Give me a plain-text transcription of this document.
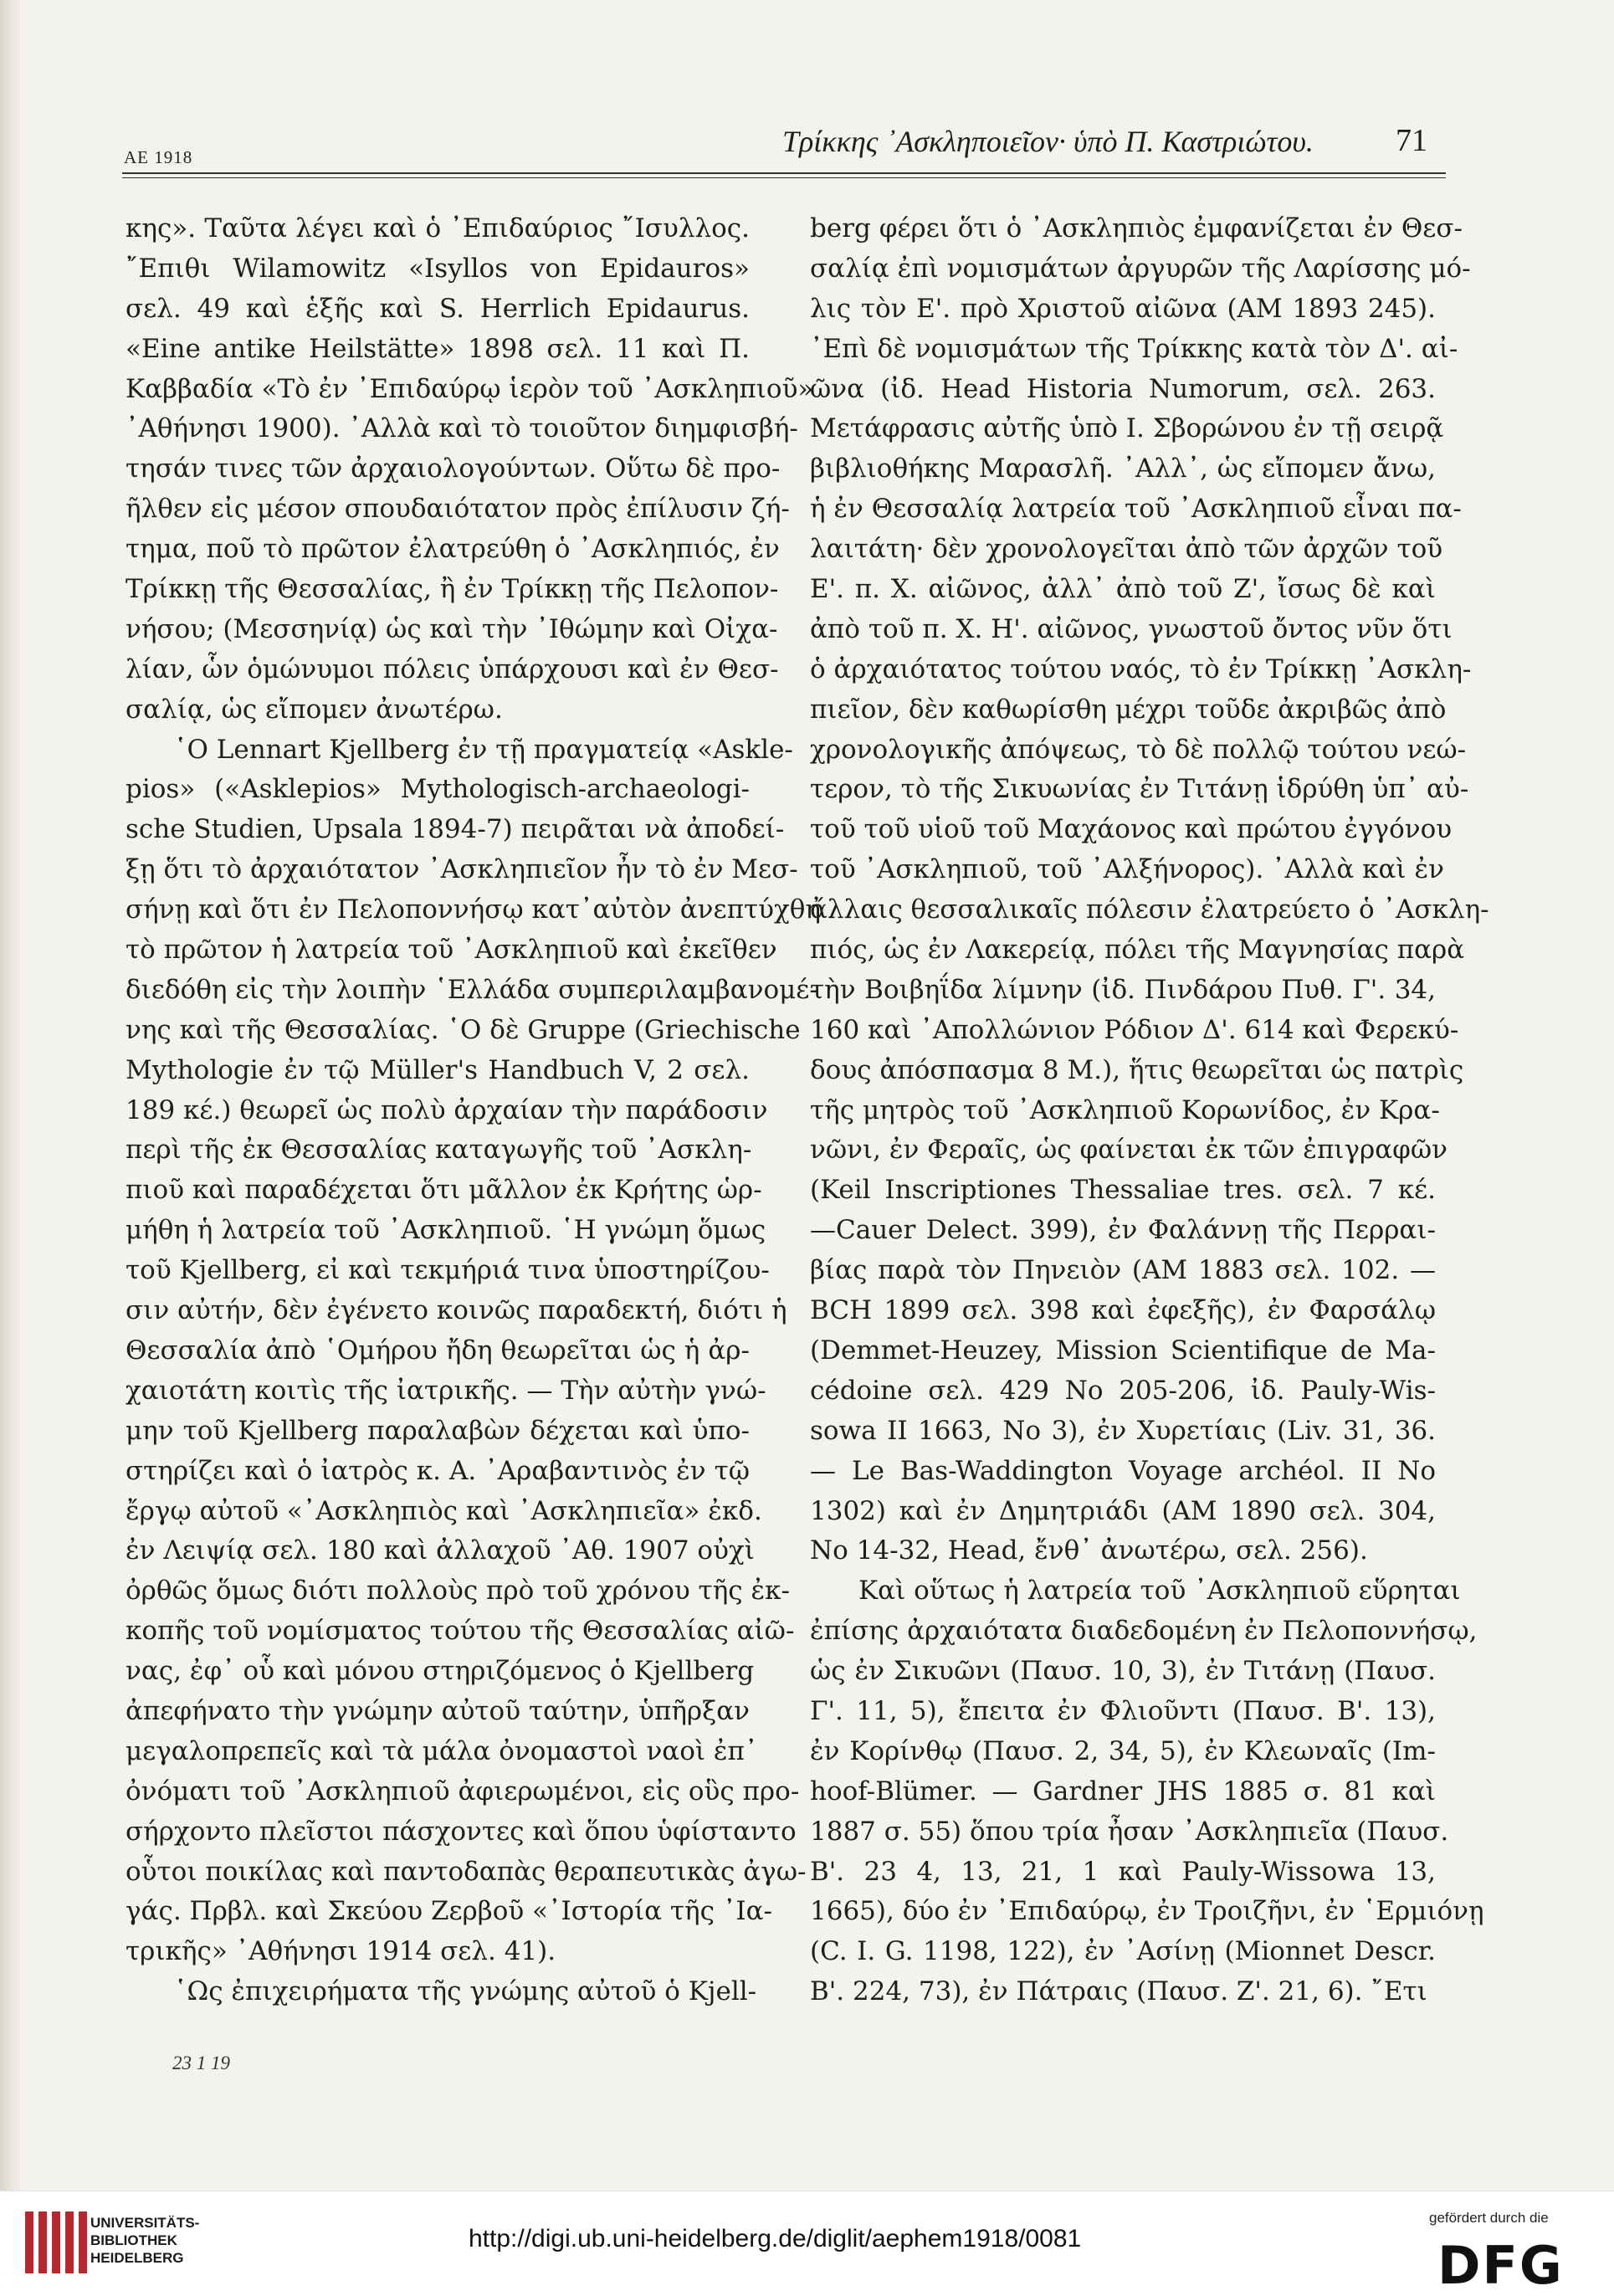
ΑΕ 1918	Τρίκκης ᾽Ασκληποιεῖον· ὑπὸ Π. Καστριώτου.	71
κης». Ταῦτα λέγει καὶ ὁ ᾿Επιδαύριος ῎Ισυλλος.
῎Επιθι Wilamowitz «Isyllos von Epidauros»
σελ. 49 καὶ ἑξῆς καὶ S. Herrlich Epidaurus.
«Eine antike Heilstätte» 1898 σελ. 11 καὶ Π.
Καββαδία «Τὸ ἐν ᾿Επιδαύρῳ ἱερὸν τοῦ ᾿Ασκληπιοῦ»
᾿Αθήνησι 1900). ᾿Αλλὰ καὶ τὸ τοιοῦτον διημφισβή-
τησάν τινες τῶν ἀρχαιολογούντων. Οὕτω δὲ προ-
ῆλθεν εἰς μέσον σπουδαιότατον πρὸς ἐπίλυσιν ζή-
τημα, ποῦ τὸ πρῶτον ἐλατρεύθη ὁ ᾿Ασκληπιός, ἐν
Τρίκκῃ τῆς Θεσσαλίας, ἢ ἐν Τρίκκῃ τῆς Πελοπον-
νήσου; (Μεσσηνίᾳ) ὡς καὶ τὴν ᾿Ιθώμην καὶ Οἰχα-
λίαν, ὧν ὁμώνυμοι πόλεις ὑπάρχουσι καὶ ἐν Θεσ-
σαλίᾳ, ὡς εἴπομεν ἀνωτέρω.
῾Ο Lennart Kjellberg ἐν τῇ πραγματείᾳ «Askle-
pios» («Asklepios» Mythologisch-archaeologi-
sche Studien, Upsala 1894-7) πειρᾶται νὰ ἀποδεί-
ξῃ ὅτι τὸ ἀρχαιότατον ᾿Ασκληπιεῖον ἦν τὸ ἐν Μεσ-
σήνῃ καὶ ὅτι ἐν Πελοποννήσῳ κατ᾽αὐτὸν ἀνεπτύχθη
τὸ πρῶτον ἡ λατρεία τοῦ ᾿Ασκληπιοῦ καὶ ἐκεῖθεν
διεδόθη εἰς τὴν λοιπὴν ῾Ελλάδα συμπεριλαμβανομέ-
νης καὶ τῆς Θεσσαλίας. ῾Ο δὲ Gruppe (Griechische
Mythologie ἐν τῷ Müller's Handbuch V, 2 σελ.
189 κέ.) θεωρεῖ ὡς πολὺ ἀρχαίαν τὴν παράδοσιν
περὶ τῆς ἐκ Θεσσαλίας καταγωγῆς τοῦ ᾿Ασκλη-
πιοῦ καὶ παραδέχεται ὅτι μᾶλλον ἐκ Κρήτης ὡρ-
μήθη ἡ λατρεία τοῦ ᾿Ασκληπιοῦ. ῾Η γνώμη ὅμως
τοῦ Kjellberg, εἰ καὶ τεκμήριά τινα ὑποστηρίζου-
σιν αὐτήν, δὲν ἐγένετο κοινῶς παραδεκτή, διότι ἡ
Θεσσαλία ἀπὸ ῾Ομήρου ἤδη θεωρεῖται ὡς ἡ ἀρ-
χαιοτάτη κοιτὶς τῆς ἰατρικῆς. — Τὴν αὐτὴν γνώ-
μην τοῦ Kjellberg παραλαβὼν δέχεται καὶ ὑπο-
στηρίζει καὶ ὁ ἰατρὸς κ. Α. ᾿Αραβαντινὸς ἐν τῷ
ἔργῳ αὐτοῦ «᾿Ασκληπιὸς καὶ ᾿Ασκληπιεῖα» ἐκδ.
ἐν Λειψίᾳ σελ. 180 καὶ ἀλλαχοῦ ᾿Αθ. 1907 οὐχὶ
ὀρθῶς ὅμως διότι πολλοὺς πρὸ τοῦ χρόνου τῆς ἐκ-
κοπῆς τοῦ νομίσματος τούτου τῆς Θεσσαλίας αἰῶ-
νας, ἐφ᾽ οὗ καὶ μόνου στηριζόμενος ὁ Kjellberg
ἀπεφήνατο τὴν γνώμην αὐτοῦ ταύτην, ὑπῆρξαν
μεγαλοπρεπεῖς καὶ τὰ μάλα ὀνομαστοὶ ναοὶ ἐπ᾽
ὀνόματι τοῦ ᾿Ασκληπιοῦ ἀφιερωμένοι, εἰς οὓς προ-
σήρχοντο πλεῖστοι πάσχοντες καὶ ὅπου ὑφίσταντο
οὗτοι ποικίλας καὶ παντοδαπὰς θεραπευτικὰς ἀγω-
γάς. Πρβλ. καὶ Σκεύου Ζερβοῦ «᾿Ιστορία τῆς ᾿Ια-
τρικῆς» ᾿Αθήνησι 1914 σελ. 41).
῾Ως ἐπιχειρήματα τῆς γνώμης αὐτοῦ ὁ Kjell-
berg φέρει ὅτι ὁ ᾿Ασκληπιὸς ἐμφανίζεται ἐν Θεσ-
σαλίᾳ ἐπὶ νομισμάτων ἀργυρῶν τῆς Λαρίσσης μό-
λις τὸν Ε'. πρὸ Χριστοῦ αἰῶνα (ΑΜ 1893 245).
᾿Επὶ δὲ νομισμάτων τῆς Τρίκκης κατὰ τὸν Δ'. αἰ-
ῶνα (ἰδ. Head Historia Numorum, σελ. 263.
Μετάφρασις αὐτῆς ὑπὸ Ι. Σβορώνου ἐν τῇ σειρᾷ
βιβλιοθήκης Μαρασλῆ. ᾿Αλλ᾽, ὡς εἴπομεν ἄνω,
ἡ ἐν Θεσσαλίᾳ λατρεία τοῦ ᾿Ασκληπιοῦ εἶναι πα-
λαιτάτη· δὲν χρονολογεῖται ἀπὸ τῶν ἀρχῶν τοῦ
Ε'. π. Χ. αἰῶνος, ἀλλ᾽ ἀπὸ τοῦ Ζ', ἴσως δὲ καὶ
ἀπὸ τοῦ π. Χ. Η'. αἰῶνος, γνωστοῦ ὄντος νῦν ὅτι
ὁ ἀρχαιότατος τούτου ναός, τὸ ἐν Τρίκκῃ ᾿Ασκλη-
πιεῖον, δὲν καθωρίσθη μέχρι τοῦδε ἀκριβῶς ἀπὸ
χρονολογικῆς ἀπόψεως, τὸ δὲ πολλῷ τούτου νεώ-
τερον, τὸ τῆς Σικυωνίας ἐν Τιτάνῃ ἱδρύθη ὑπ᾽ αὐ-
τοῦ τοῦ υἱοῦ τοῦ Μαχάονος καὶ πρώτου ἐγγόνου
τοῦ ᾿Ασκληπιοῦ, τοῦ ᾿Αλξήνορος). ᾿Αλλὰ καὶ ἐν
ἄλλαις θεσσαλικαῖς πόλεσιν ἐλατρεύετο ὁ ᾿Ασκλη-
πιός, ὡς ἐν Λακερείᾳ, πόλει τῆς Μαγνησίας παρὰ
τὴν Βοιβηΐδα λίμνην (ἰδ. Πινδάρου Πυθ. Γ'. 34,
160 καὶ ᾿Απολλώνιον Ρόδιον Δ'. 614 καὶ Φερεκύ-
δους ἀπόσπασμα 8 Μ.), ἥτις θεωρεῖται ὡς πατρὶς
τῆς μητρὸς τοῦ ᾿Ασκληπιοῦ Κορωνίδος, ἐν Κρα-
νῶνι, ἐν Φεραῖς, ὡς φαίνεται ἐκ τῶν ἐπιγραφῶν
(Keil Inscriptiones Thessaliae tres. σελ. 7 κέ.
—Cauer Delect. 399), ἐν Φαλάννῃ τῆς Περραι-
βίας παρὰ τὸν Πηνειὸν (ΑΜ 1883 σελ. 102. —
BCH 1899 σελ. 398 καὶ ἐφεξῆς), ἐν Φαρσάλῳ
(Demmet-Heuzey, Mission Scientifique de Ma-
cédoine σελ. 429 Νο 205-206, ἰδ. Pauly-Wis-
sowa II 1663, Νο 3), ἐν Χυρετίαις (Liv. 31, 36.
— Le Bas-Waddington Voyage archéol. II Νο
1302) καὶ ἐν Δημητριάδι (ΑΜ 1890 σελ. 304,
Νο 14-32, Head, ἔνθ᾽ ἀνωτέρω, σελ. 256).
Καὶ οὕτως ἡ λατρεία τοῦ ᾿Ασκληπιοῦ εὕρηται
ἐπίσης ἀρχαιότατα διαδεδομένη ἐν Πελοποννήσῳ,
ὡς ἐν Σικυῶνι (Παυσ. 10, 3), ἐν Τιτάνῃ (Παυσ.
Γ'. 11, 5), ἔπειτα ἐν Φλιοῦντι (Παυσ. Β'. 13),
ἐν Κορίνθῳ (Παυσ. 2, 34, 5), ἐν Κλεωναῖς (Im-
hoof-Blümer. — Gardner JHS 1885 σ. 81 καὶ
1887 σ. 55) ὅπου τρία ἦσαν ᾿Ασκληπιεῖα (Παυσ.
Β'. 23 4, 13, 21, 1 καὶ Pauly-Wissowa 13,
1665), δύο ἐν ᾿Επιδαύρῳ, ἐν Τροιζῆνι, ἐν ῾Ερμιόνῃ
(C. I. G. 1198, 122), ἐν ᾿Ασίνῃ (Mionnet Descr.
Β'. 224, 73), ἐν Πάτραις (Παυσ. Ζ'. 21, 6). ῎Ετι
23 1 19
UNIVERSITÄTS-
BIBLIOTHEK
HEIDELBERG
http://digi.ub.uni-heidelberg.de/diglit/aephem1918/0081
gefördert durch die
DFG
